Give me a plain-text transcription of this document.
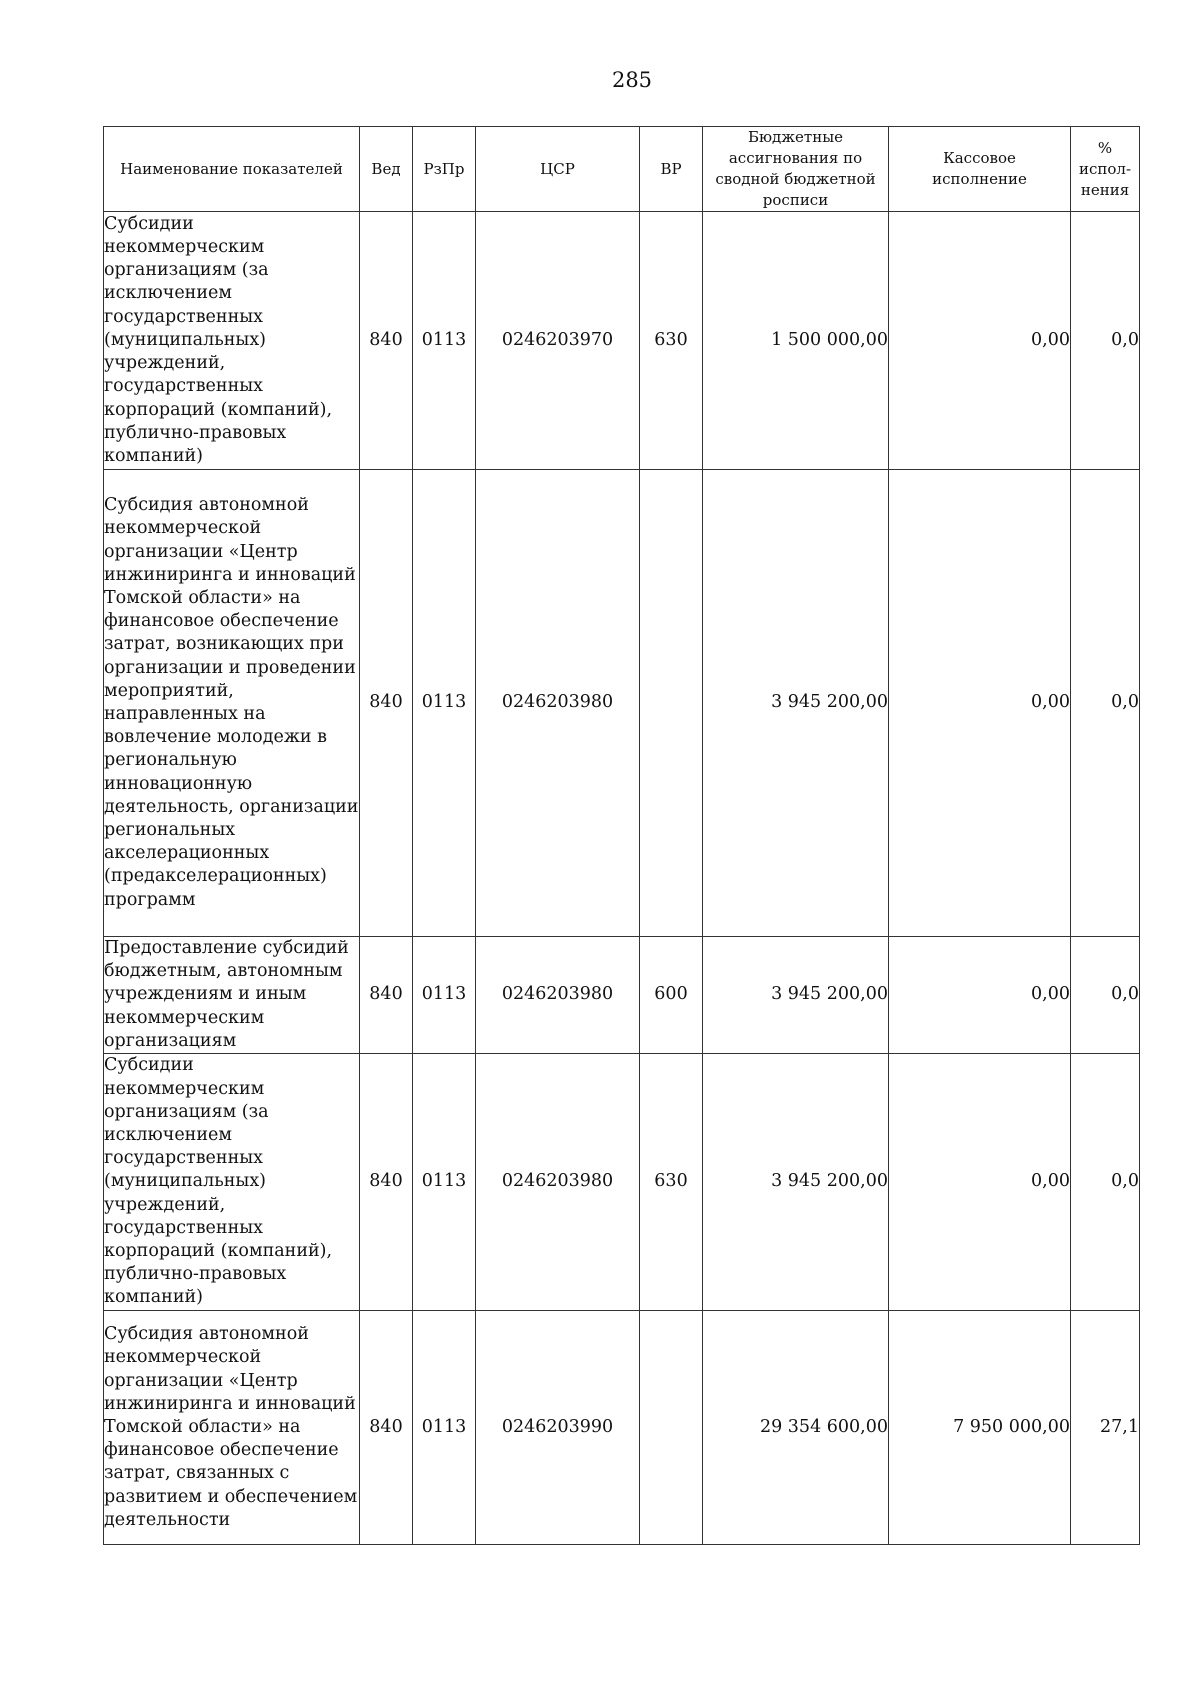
285
Наименование показателей	Вед	РзПр	ЦСР	ВР	Бюджетные ассигнования по сводной бюджетной росписи	Кассовое исполнение	% испол- нения
Субсидии некоммерческим организациям (за исключением государственных (муниципальных) учреждений, государственных корпораций (компаний), публично-правовых компаний)	840	0113	0246203970	630	1 500 000,00	0,00	0,0
Субсидия автономной некоммерческой организации «Центр инжиниринга и инноваций Томской области» на финансовое обеспечение затрат, возникающих при организации и проведении мероприятий, направленных на вовлечение молодежи в региональную инновационную деятельность, организации региональных акселерационных (предакселерационных) программ	840	0113	0246203980		3 945 200,00	0,00	0,0
Предоставление субсидий бюджетным, автономным учреждениям и иным некоммерческим организациям	840	0113	0246203980	600	3 945 200,00	0,00	0,0
Субсидии некоммерческим организациям (за исключением государственных (муниципальных) учреждений, государственных корпораций (компаний), публично-правовых компаний)	840	0113	0246203980	630	3 945 200,00	0,00	0,0
Субсидия автономной некоммерческой организации «Центр инжиниринга и инноваций Томской области» на финансовое обеспечение затрат, связанных с развитием и обеспечением деятельности	840	0113	0246203990		29 354 600,00	7 950 000,00	27,1
